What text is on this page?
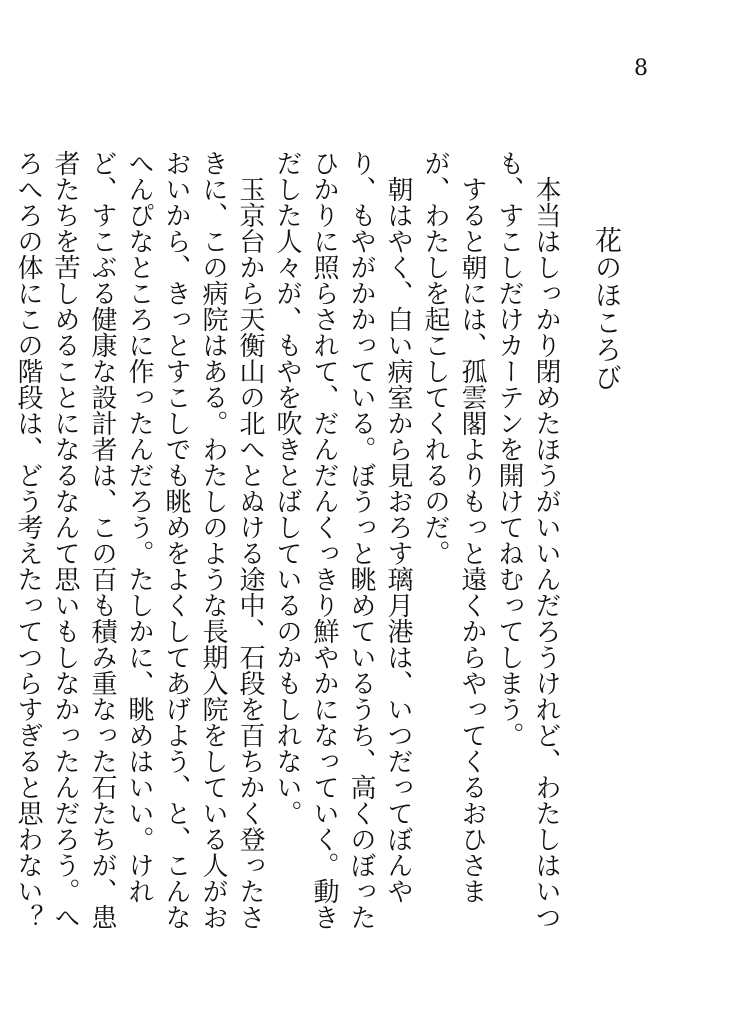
8
花のほころび

本当はしっかり閉めたほうがいいんだろうけれど、わたしはいつも、すこしだけカーテンを開けてねむってしまう。

すると朝には、孤雲閣よりもっと遠くからやってくるおひさまが、わたしを起こしてくれるのだ。

朝はやく、白い病室から見おろす璃月港は、いつだってぼんやり、もやがかかっている。ぼうっと眺めているうち、高くのぼったひかりに照らされて、だんだんくっきり鮮やかになっていく。動きだした人々が、もやを吹きとばしているのかもしれない。

玉京台から天衡山の北へとぬける途中、石段を百ちかく登ったさきに、この病院はある。わたしのような長期入院をしている人がおおいから、きっとすこしでも眺めをよくしてあげよう、と、こんなへんぴなところに作ったんだろう。たしかに、眺めはいい。けれど、すこぶる健康な設計者は、この百も積み重なった石たちが、患者たちを苦しめることになるなんて思いもしなかったんだろう。へろへろの体にこの階段は、どう考えたってつらすぎると思わない？
